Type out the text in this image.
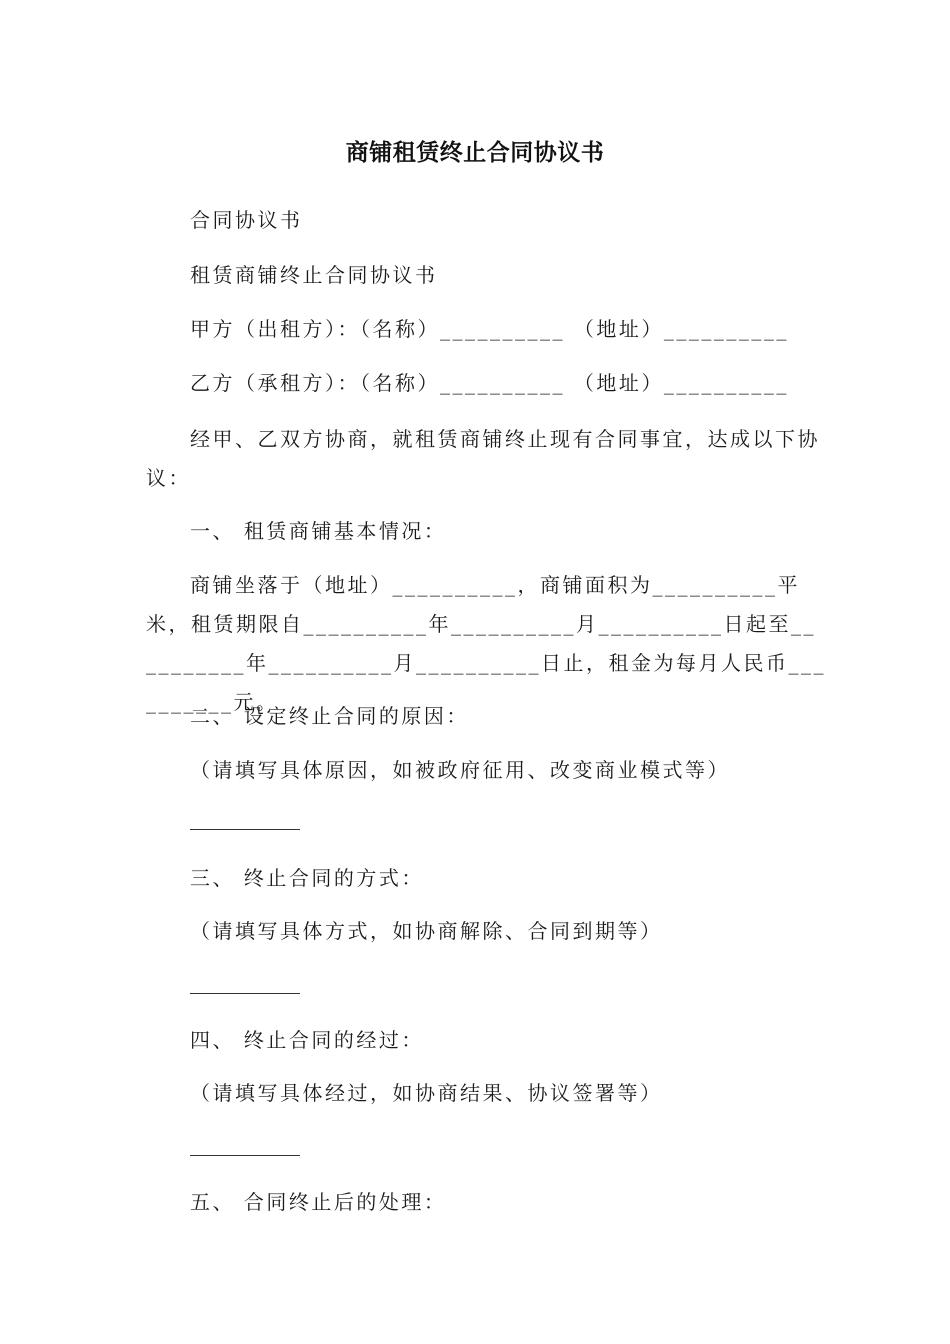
商铺租赁终止合同协议书
合同协议书
租赁商铺终止合同协议书
甲方（出租方）：（名称）__________ （地址）__________
乙方（承租方）：（名称）__________ （地址）__________
经甲、乙双方协商，就租赁商铺终止现有合同事宜，达成以下协议：
一、 租赁商铺基本情况：
商铺坐落于（地址）__________，商铺面积为__________平米，租赁期限自__________年__________月__________日起至__________年__________月__________日止，租金为每月人民币__________元。
二、 设定终止合同的原因：
（请填写具体原因，如被政府征用、改变商业模式等）
三、 终止合同的方式：
（请填写具体方式，如协商解除、合同到期等）
四、 终止合同的经过：
（请填写具体经过，如协商结果、协议签署等）
五、 合同终止后的处理：
